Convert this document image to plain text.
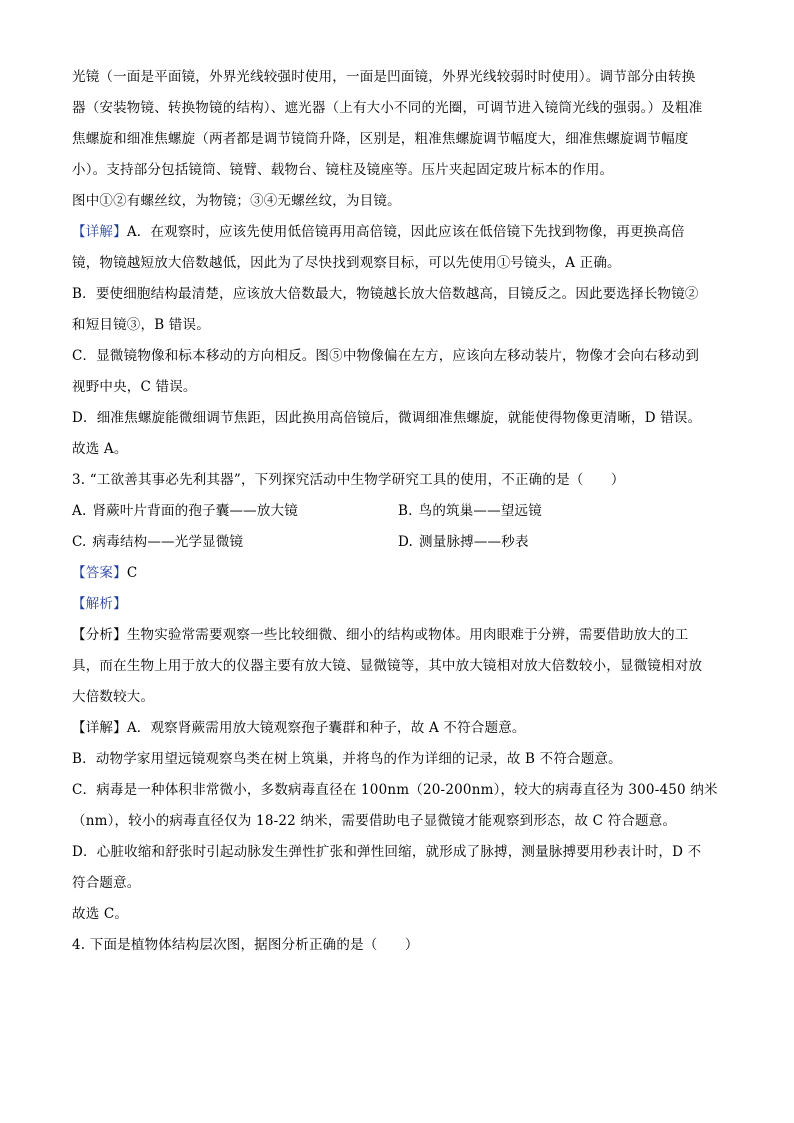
光镜（一面是平面镜，外界光线较强时使用，一面是凹面镜，外界光线较弱时时使用）。调节部分由转换
器（安装物镜、转换物镜的结构）、遮光器（上有大小不同的光圈，可调节进入镜筒光线的强弱。）及粗准
焦螺旋和细准焦螺旋（两者都是调节镜筒升降，区别是，粗准焦螺旋调节幅度大，细准焦螺旋调节幅度
小）。支持部分包括镜筒、镜臂、载物台、镜柱及镜座等。压片夹起固定玻片标本的作用。
图中①②有螺丝纹，为物镜；③④无螺丝纹，为目镜。
【详解】A．在观察时，应该先使用低倍镜再用高倍镜，因此应该在低倍镜下先找到物像，再更换高倍
镜，物镜越短放大倍数越低，因此为了尽快找到观察目标，可以先使用①号镜头，A 正确。
B．要使细胞结构最清楚，应该放大倍数最大，物镜越长放大倍数越高，目镜反之。因此要选择长物镜②
和短目镜③，B 错误。
C．显微镜物像和标本移动的方向相反。图⑤中物像偏在左方，应该向左移动装片，物像才会向右移动到
视野中央，C 错误。
D．细准焦螺旋能微细调节焦距，因此换用高倍镜后，微调细准焦螺旋，就能使得物像更清晰，D 错误。
故选 A。
3. “工欲善其事必先利其器”，下列探究活动中生物学研究工具的使用，不正确的是（　　）
A. 肾蕨叶片背面的孢子囊——放大镜	B. 鸟的筑巢——望远镜
C. 病毒结构——光学显微镜	D. 测量脉搏——秒表
【答案】C
【解析】
【分析】生物实验常需要观察一些比较细微、细小的结构或物体。用肉眼难于分辨，需要借助放大的工
具，而在生物上用于放大的仪器主要有放大镜、显微镜等，其中放大镜相对放大倍数较小，显微镜相对放
大倍数较大。
【详解】A．观察肾蕨需用放大镜观察孢子囊群和种子，故 A 不符合题意。
B．动物学家用望远镜观察鸟类在树上筑巢，并将鸟的作为详细的记录，故 B 不符合题意。
C．病毒是一种体积非常微小，多数病毒直径在 100nm（20-200nm），较大的病毒直径为 300-450 纳米
（nm），较小的病毒直径仅为 18-22 纳米，需要借助电子显微镜才能观察到形态，故 C 符合题意。
D．心脏收缩和舒张时引起动脉发生弹性扩张和弹性回缩，就形成了脉搏，测量脉搏要用秒表计时，D 不
符合题意。
故选 C。
4. 下面是植物体结构层次图，据图分析正确的是（　　）
